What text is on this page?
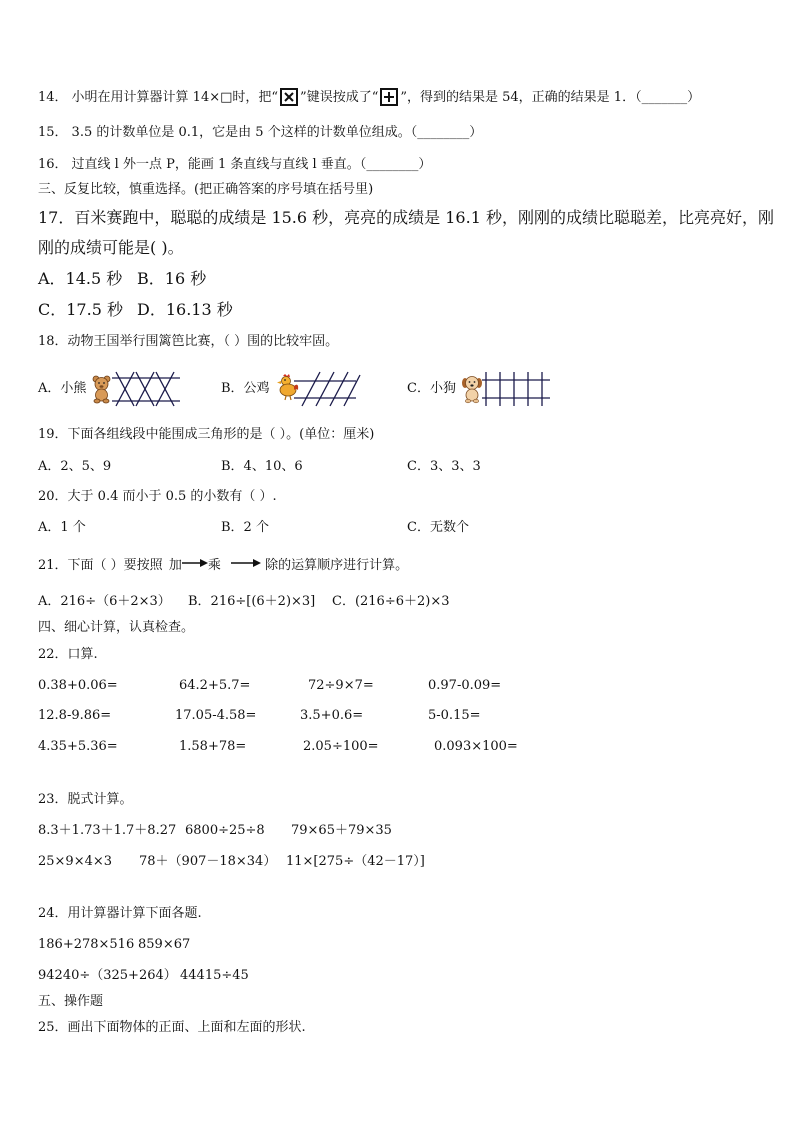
14． 小明在用计算器计算 14×□时，把“ ”键误按成了“ ”，得到的结果是 54，正确的结果是 1．（_______）
15． 3.5 的计数单位是 0.1，它是由 5 个这样的计数单位组成。（________）
16． 过直线 l 外一点 P，能画 1 条直线与直线 l 垂直。（________）
三、反复比较，慎重选择。(把正确答案的序号填在括号里)
17．百米赛跑中，聪聪的成绩是 15.6 秒，亮亮的成绩是 16.1 秒，刚刚的成绩比聪聪差，比亮亮好，刚
刚的成绩可能是( )。
A．14.5 秒 B．16 秒
C．17.5 秒 D．16.13 秒
18．动物王国举行围篱笆比赛，（ ）围的比较牢固。
A．小熊	B．公鸡	C．小狗
19．下面各组线段中能围成三角形的是（ ）。(单位：厘米)
A．2、5、9	B．4、10、6	C．3、3、3
20．大于 0.4 而小于 0.5 的小数有（ ）.
A．1 个	B．2 个	C．无数个
21．下面（ ）要按照 加 乘	除的运算顺序进行计算。
A．216÷（6＋2×3） B．216÷[(6＋2)×3] C．(216÷6＋2)×3
四、细心计算，认真检查。
22．口算.
0.38+0.06=	64.2+5.7=	72÷9×7=	0.97-0.09=
12.8-9.86=	17.05-4.58=	3.5+0.6=	5-0.15=
4.35+5.36=	1.58+78=	2.05÷100=	0.093×100=
23．脱式计算。
8.3＋1.73＋1.7＋8.27 6800÷25÷8 79×65＋79×35
25×9×4×3 78＋（907－18×34） 11×[275÷（42－17）]
24．用计算器计算下面各题.
186+278×516 859×67
94240÷（325+264） 44415÷45
五、操作题
25．画出下面物体的正面、上面和左面的形状.
